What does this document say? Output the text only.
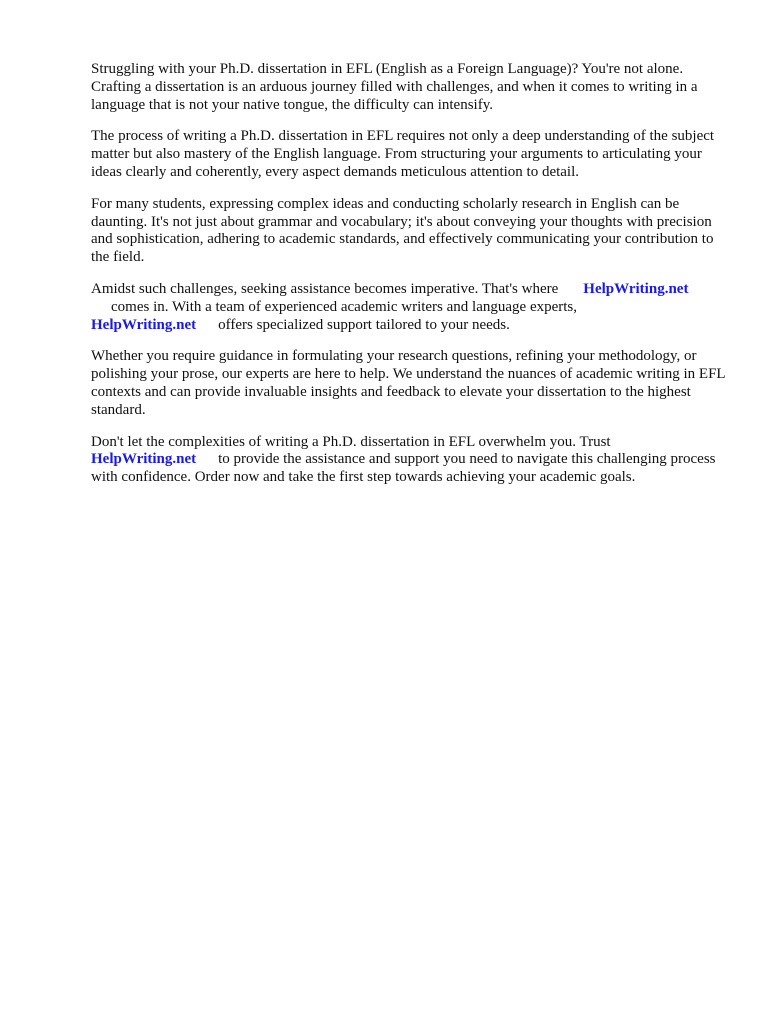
Struggling with your Ph.D. dissertation in EFL (English as a Foreign Language)? You're not alone. Crafting a dissertation is an arduous journey filled with challenges, and when it comes to writing in a language that is not your native tongue, the difficulty can intensify.

The process of writing a Ph.D. dissertation in EFL requires not only a deep understanding of the subject matter but also mastery of the English language. From structuring your arguments to articulating your ideas clearly and coherently, every aspect demands meticulous attention to detail.

For many students, expressing complex ideas and conducting scholarly research in English can be daunting. It's not just about grammar and vocabulary; it's about conveying your thoughts with precision and sophistication, adhering to academic standards, and effectively communicating your contribution to the field.

Amidst such challenges, seeking assistance becomes imperative. That's where HelpWriting.net
comes in. With a team of experienced academic writers and language experts,
HelpWriting.net offers specialized support tailored to your needs.

Whether you require guidance in formulating your research questions, refining your methodology, or polishing your prose, our experts are here to help. We understand the nuances of academic writing in EFL contexts and can provide invaluable insights and feedback to elevate your dissertation to the highest standard.

Don't let the complexities of writing a Ph.D. dissertation in EFL overwhelm you. Trust
HelpWriting.net to provide the assistance and support you need to navigate this challenging process with confidence. Order now and take the first step towards achieving your academic goals.
